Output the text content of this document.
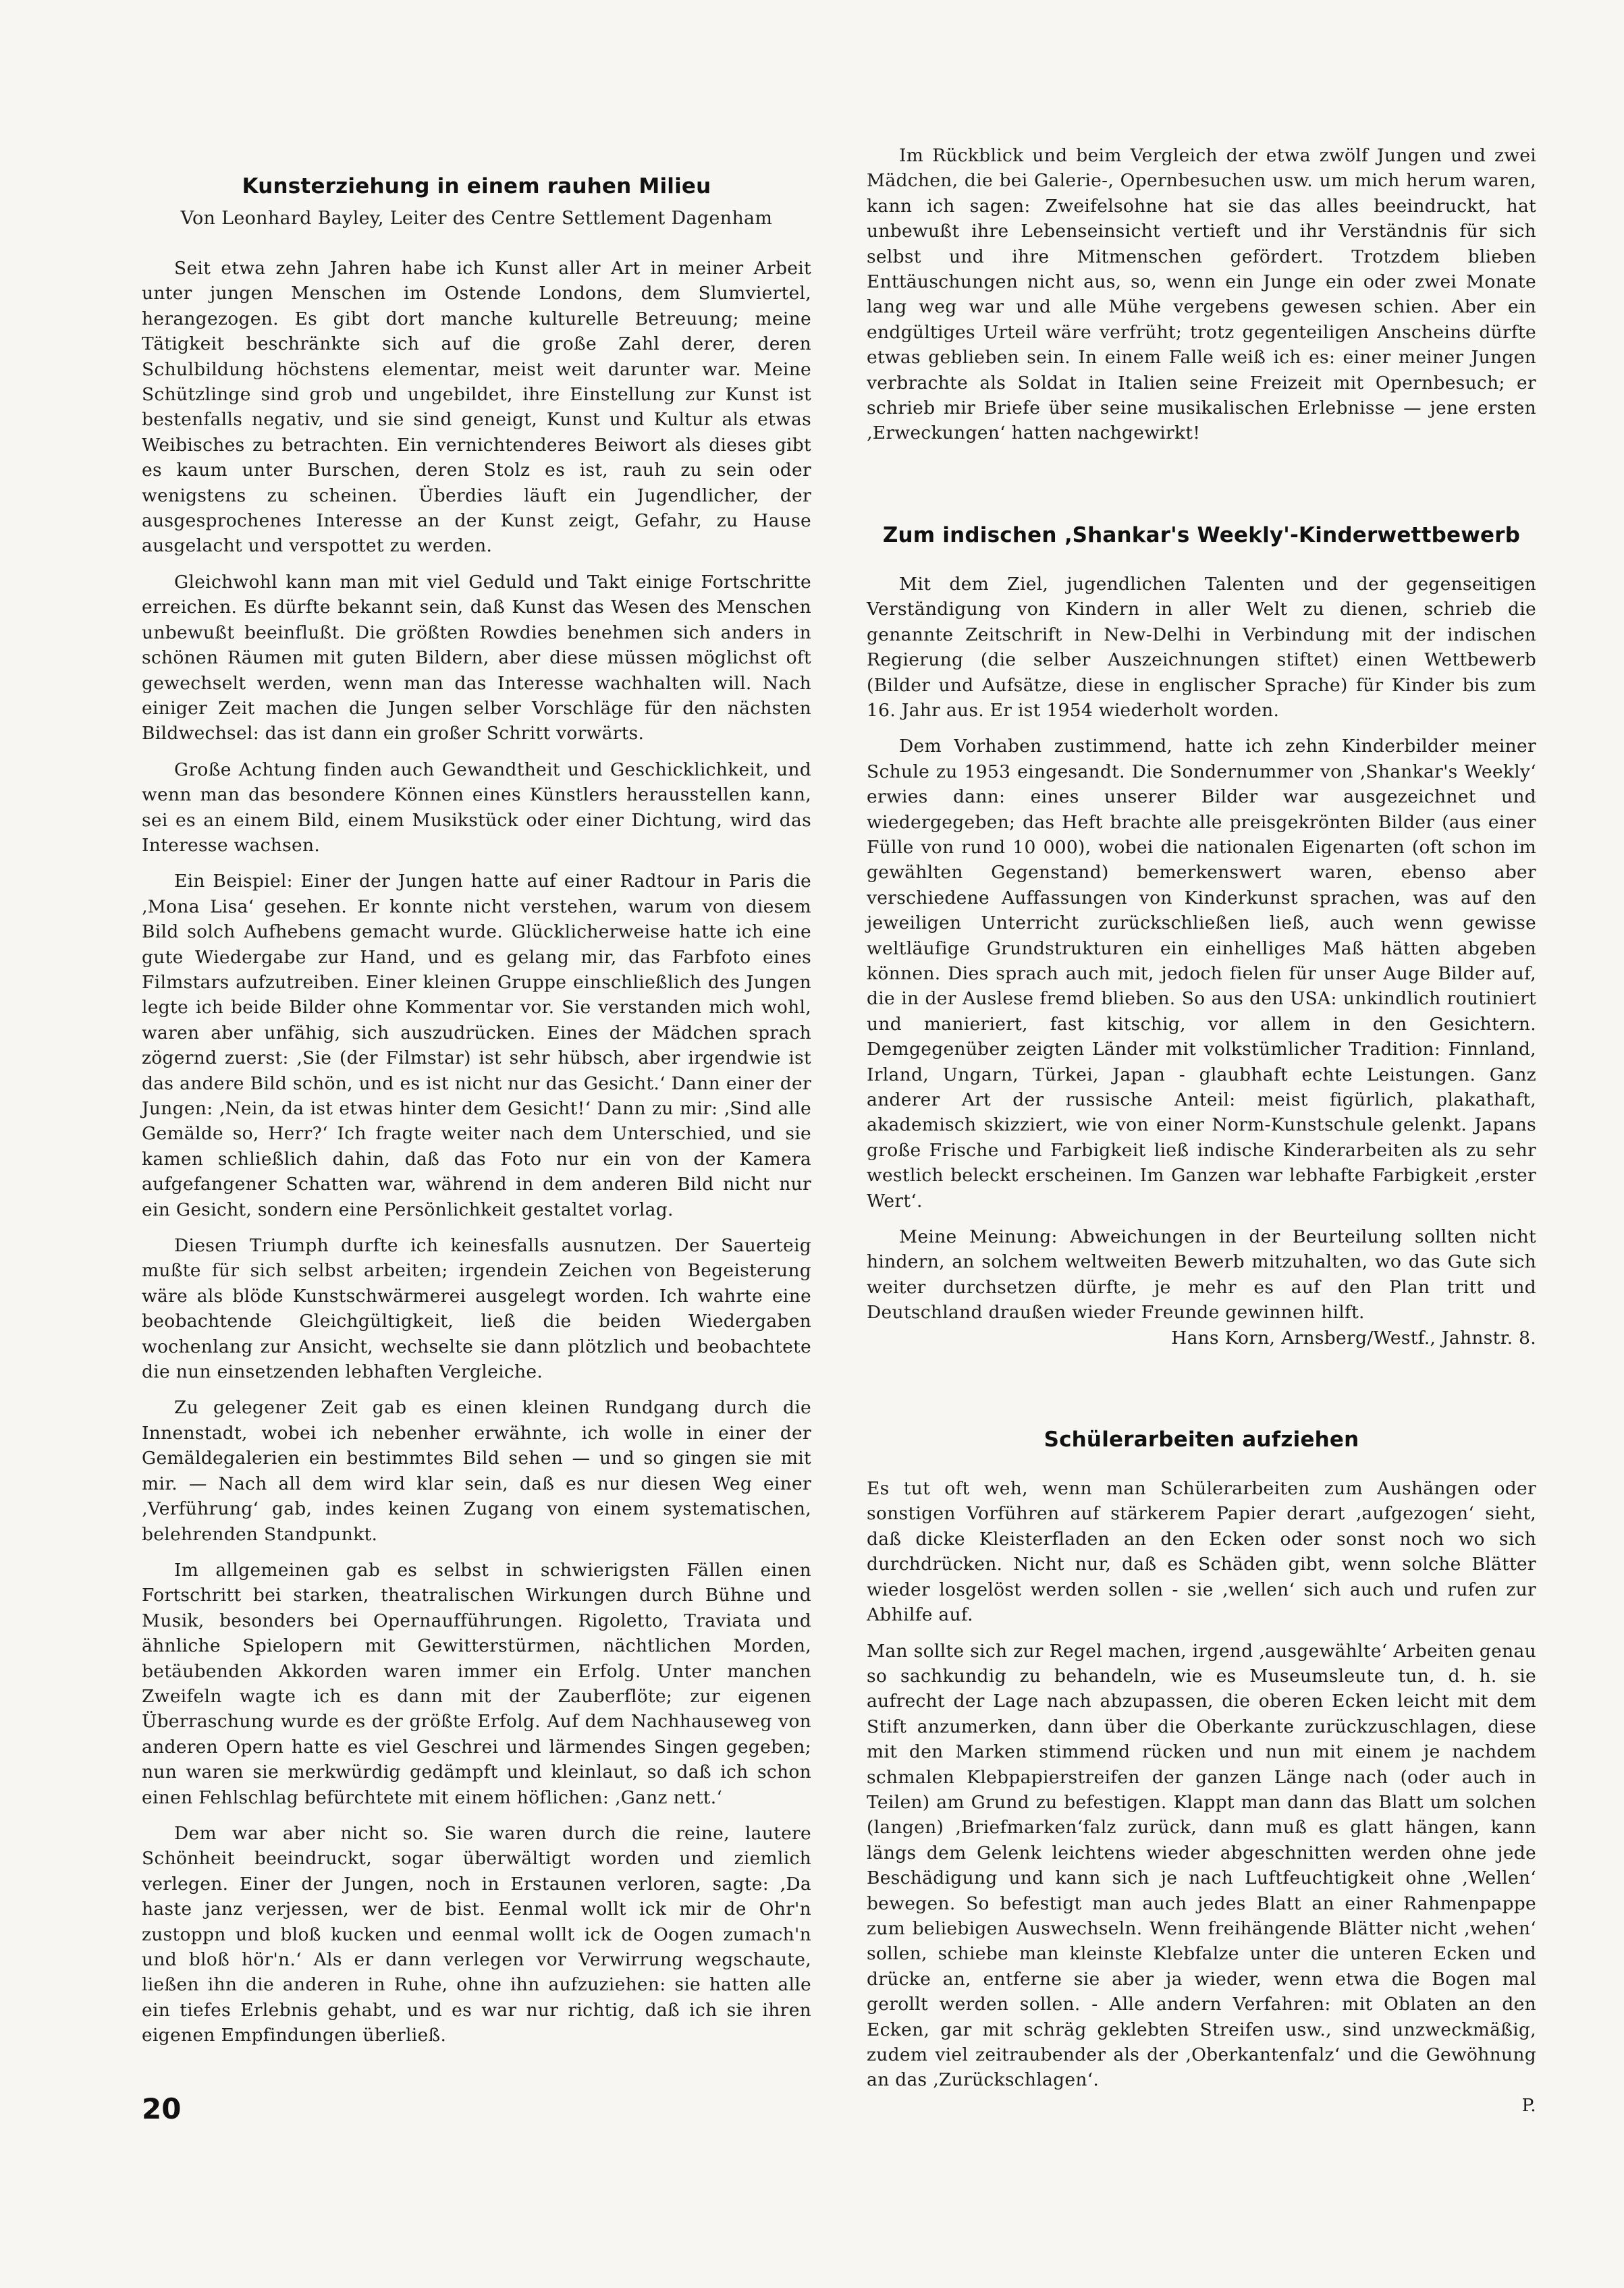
Kunsterziehung in einem rauhen Milieu
Von Leonhard Bayley, Leiter des Centre Settlement Dagenham

Seit etwa zehn Jahren habe ich Kunst aller Art in meiner Arbeit unter jungen Menschen im Ostende Londons, dem Slumviertel, herangezogen. Es gibt dort manche kulturelle Betreuung; meine Tätigkeit beschränkte sich auf die große Zahl derer, deren Schulbildung höchstens elementar, meist weit darunter war. Meine Schützlinge sind grob und ungebildet, ihre Einstellung zur Kunst ist bestenfalls negativ, und sie sind geneigt, Kunst und Kultur als etwas Weibisches zu betrachten. Ein vernichtenderes Beiwort als dieses gibt es kaum unter Burschen, deren Stolz es ist, rauh zu sein oder wenigstens zu scheinen. Überdies läuft ein Jugendlicher, der ausgesprochenes Interesse an der Kunst zeigt, Gefahr, zu Hause ausgelacht und verspottet zu werden.

Gleichwohl kann man mit viel Geduld und Takt einige Fortschritte erreichen. Es dürfte bekannt sein, daß Kunst das Wesen des Menschen unbewußt beeinflußt. Die größten Rowdies benehmen sich anders in schönen Räumen mit guten Bildern, aber diese müssen möglichst oft gewechselt werden, wenn man das Interesse wachhalten will. Nach einiger Zeit machen die Jungen selber Vorschläge für den nächsten Bildwechsel: das ist dann ein großer Schritt vorwärts.

Große Achtung finden auch Gewandtheit und Geschicklichkeit, und wenn man das besondere Können eines Künstlers herausstellen kann, sei es an einem Bild, einem Musikstück oder einer Dichtung, wird das Interesse wachsen.

Ein Beispiel: Einer der Jungen hatte auf einer Radtour in Paris die ‚Mona Lisa‘ gesehen. Er konnte nicht verstehen, warum von diesem Bild solch Aufhebens gemacht wurde. Glücklicherweise hatte ich eine gute Wiedergabe zur Hand, und es gelang mir, das Farbfoto eines Filmstars aufzutreiben. Einer kleinen Gruppe einschließlich des Jungen legte ich beide Bilder ohne Kommentar vor. Sie verstanden mich wohl, waren aber unfähig, sich auszudrücken. Eines der Mädchen sprach zögernd zuerst: ‚Sie (der Filmstar) ist sehr hübsch, aber irgendwie ist das andere Bild schön, und es ist nicht nur das Gesicht.‘ Dann einer der Jungen: ‚Nein, da ist etwas hinter dem Gesicht!‘ Dann zu mir: ‚Sind alle Gemälde so, Herr?‘ Ich fragte weiter nach dem Unterschied, und sie kamen schließlich dahin, daß das Foto nur ein von der Kamera aufgefangener Schatten war, während in dem anderen Bild nicht nur ein Gesicht, sondern eine Persönlichkeit gestaltet vorlag.

Diesen Triumph durfte ich keinesfalls ausnutzen. Der Sauerteig mußte für sich selbst arbeiten; irgendein Zeichen von Begeisterung wäre als blöde Kunstschwärmerei ausgelegt worden. Ich wahrte eine beobachtende Gleichgültigkeit, ließ die beiden Wiedergaben wochenlang zur Ansicht, wechselte sie dann plötzlich und beobachtete die nun einsetzenden lebhaften Vergleiche.

Zu gelegener Zeit gab es einen kleinen Rundgang durch die Innenstadt, wobei ich nebenher erwähnte, ich wolle in einer der Gemäldegalerien ein bestimmtes Bild sehen — und so gingen sie mit mir. — Nach all dem wird klar sein, daß es nur diesen Weg einer ‚Verführung‘ gab, indes keinen Zugang von einem systematischen, belehrenden Standpunkt.

Im allgemeinen gab es selbst in schwierigsten Fällen einen Fortschritt bei starken, theatralischen Wirkungen durch Bühne und Musik, besonders bei Opernaufführungen. Rigoletto, Traviata und ähnliche Spielopern mit Gewitterstürmen, nächtlichen Morden, betäubenden Akkorden waren immer ein Erfolg. Unter manchen Zweifeln wagte ich es dann mit der Zauberflöte; zur eigenen Überraschung wurde es der größte Erfolg. Auf dem Nachhauseweg von anderen Opern hatte es viel Geschrei und lärmendes Singen gegeben; nun waren sie merkwürdig gedämpft und kleinlaut, so daß ich schon einen Fehlschlag befürchtete mit einem höflichen: ‚Ganz nett.‘

Dem war aber nicht so. Sie waren durch die reine, lautere Schönheit beeindruckt, sogar überwältigt worden und ziemlich verlegen. Einer der Jungen, noch in Erstaunen verloren, sagte: ‚Da haste janz verjessen, wer de bist. Eenmal wollt ick mir de Ohr'n zustoppn und bloß kucken und eenmal wollt ick de Oogen zumach'n und bloß hör'n.‘ Als er dann verlegen vor Verwirrung wegschaute, ließen ihn die anderen in Ruhe, ohne ihn aufzuziehen: sie hatten alle ein tiefes Erlebnis gehabt, und es war nur richtig, daß ich sie ihren eigenen Empfindungen überließ.

Im Rückblick und beim Vergleich der etwa zwölf Jungen und zwei Mädchen, die bei Galerie-, Opernbesuchen usw. um mich herum waren, kann ich sagen: Zweifelsohne hat sie das alles beeindruckt, hat unbewußt ihre Lebenseinsicht vertieft und ihr Verständnis für sich selbst und ihre Mitmenschen gefördert. Trotzdem blieben Enttäuschungen nicht aus, so, wenn ein Junge ein oder zwei Monate lang weg war und alle Mühe vergebens gewesen schien. Aber ein endgültiges Urteil wäre verfrüht; trotz gegenteiligen Anscheins dürfte etwas geblieben sein. In einem Falle weiß ich es: einer meiner Jungen verbrachte als Soldat in Italien seine Freizeit mit Opernbesuch; er schrieb mir Briefe über seine musikalischen Erlebnisse — jene ersten ‚Erweckungen‘ hatten nachgewirkt!

Zum indischen ‚Shankar's Weekly'-Kinderwettbewerb

Mit dem Ziel, jugendlichen Talenten und der gegenseitigen Verständigung von Kindern in aller Welt zu dienen, schrieb die genannte Zeitschrift in New-Delhi in Verbindung mit der indischen Regierung (die selber Auszeichnungen stiftet) einen Wettbewerb (Bilder und Aufsätze, diese in englischer Sprache) für Kinder bis zum 16. Jahr aus. Er ist 1954 wiederholt worden.

Dem Vorhaben zustimmend, hatte ich zehn Kinderbilder meiner Schule zu 1953 eingesandt. Die Sondernummer von ‚Shankar's Weekly‘ erwies dann: eines unserer Bilder war ausgezeichnet und wiedergegeben; das Heft brachte alle preisgekrönten Bilder (aus einer Fülle von rund 10 000), wobei die nationalen Eigenarten (oft schon im gewählten Gegenstand) bemerkenswert waren, ebenso aber verschiedene Auffassungen von Kinderkunst sprachen, was auf den jeweiligen Unterricht zurückschließen ließ, auch wenn gewisse weltläufige Grundstrukturen ein einhelliges Maß hätten abgeben können. Dies sprach auch mit, jedoch fielen für unser Auge Bilder auf, die in der Auslese fremd blieben. So aus den USA: unkindlich routiniert und manieriert, fast kitschig, vor allem in den Gesichtern. Demgegenüber zeigten Länder mit volkstümlicher Tradition: Finnland, Irland, Ungarn, Türkei, Japan - glaubhaft echte Leistungen. Ganz anderer Art der russische Anteil: meist figürlich, plakathaft, akademisch skizziert, wie von einer Norm-Kunstschule gelenkt. Japans große Frische und Farbigkeit ließ indische Kinderarbeiten als zu sehr westlich beleckt erscheinen. Im Ganzen war lebhafte Farbigkeit ‚erster Wert‘.

Meine Meinung: Abweichungen in der Beurteilung sollten nicht hindern, an solchem weltweiten Bewerb mitzuhalten, wo das Gute sich weiter durchsetzen dürfte, je mehr es auf den Plan tritt und Deutschland draußen wieder Freunde gewinnen hilft.

Hans Korn, Arnsberg/Westf., Jahnstr. 8.

Schülerarbeiten aufziehen

Es tut oft weh, wenn man Schülerarbeiten zum Aushängen oder sonstigen Vorführen auf stärkerem Papier derart ‚aufgezogen‘ sieht, daß dicke Kleisterfladen an den Ecken oder sonst noch wo sich durchdrücken. Nicht nur, daß es Schäden gibt, wenn solche Blätter wieder losgelöst werden sollen - sie ‚wellen‘ sich auch und rufen zur Abhilfe auf.

Man sollte sich zur Regel machen, irgend ‚ausgewählte‘ Arbeiten genau so sachkundig zu behandeln, wie es Museumsleute tun, d. h. sie aufrecht der Lage nach abzupassen, die oberen Ecken leicht mit dem Stift anzumerken, dann über die Oberkante zurückzuschlagen, diese mit den Marken stimmend rücken und nun mit einem je nachdem schmalen Klebpapierstreifen der ganzen Länge nach (oder auch in Teilen) am Grund zu befestigen. Klappt man dann das Blatt um solchen (langen) ‚Briefmarken‘falz zurück, dann muß es glatt hängen, kann längs dem Gelenk leichtens wieder abgeschnitten werden ohne jede Beschädigung und kann sich je nach Luftfeuchtigkeit ohne ‚Wellen‘ bewegen. So befestigt man auch jedes Blatt an einer Rahmenpappe zum beliebigen Auswechseln. Wenn freihängende Blätter nicht ‚wehen‘ sollen, schiebe man kleinste Klebfalze unter die unteren Ecken und drücke an, entferne sie aber ja wieder, wenn etwa die Bogen mal gerollt werden sollen. - Alle andern Verfahren: mit Oblaten an den Ecken, gar mit schräg geklebten Streifen usw., sind unzweckmäßig, zudem viel zeitraubender als der ‚Oberkantenfalz‘ und die Gewöhnung an das ‚Zurückschlagen‘.

P.

20
